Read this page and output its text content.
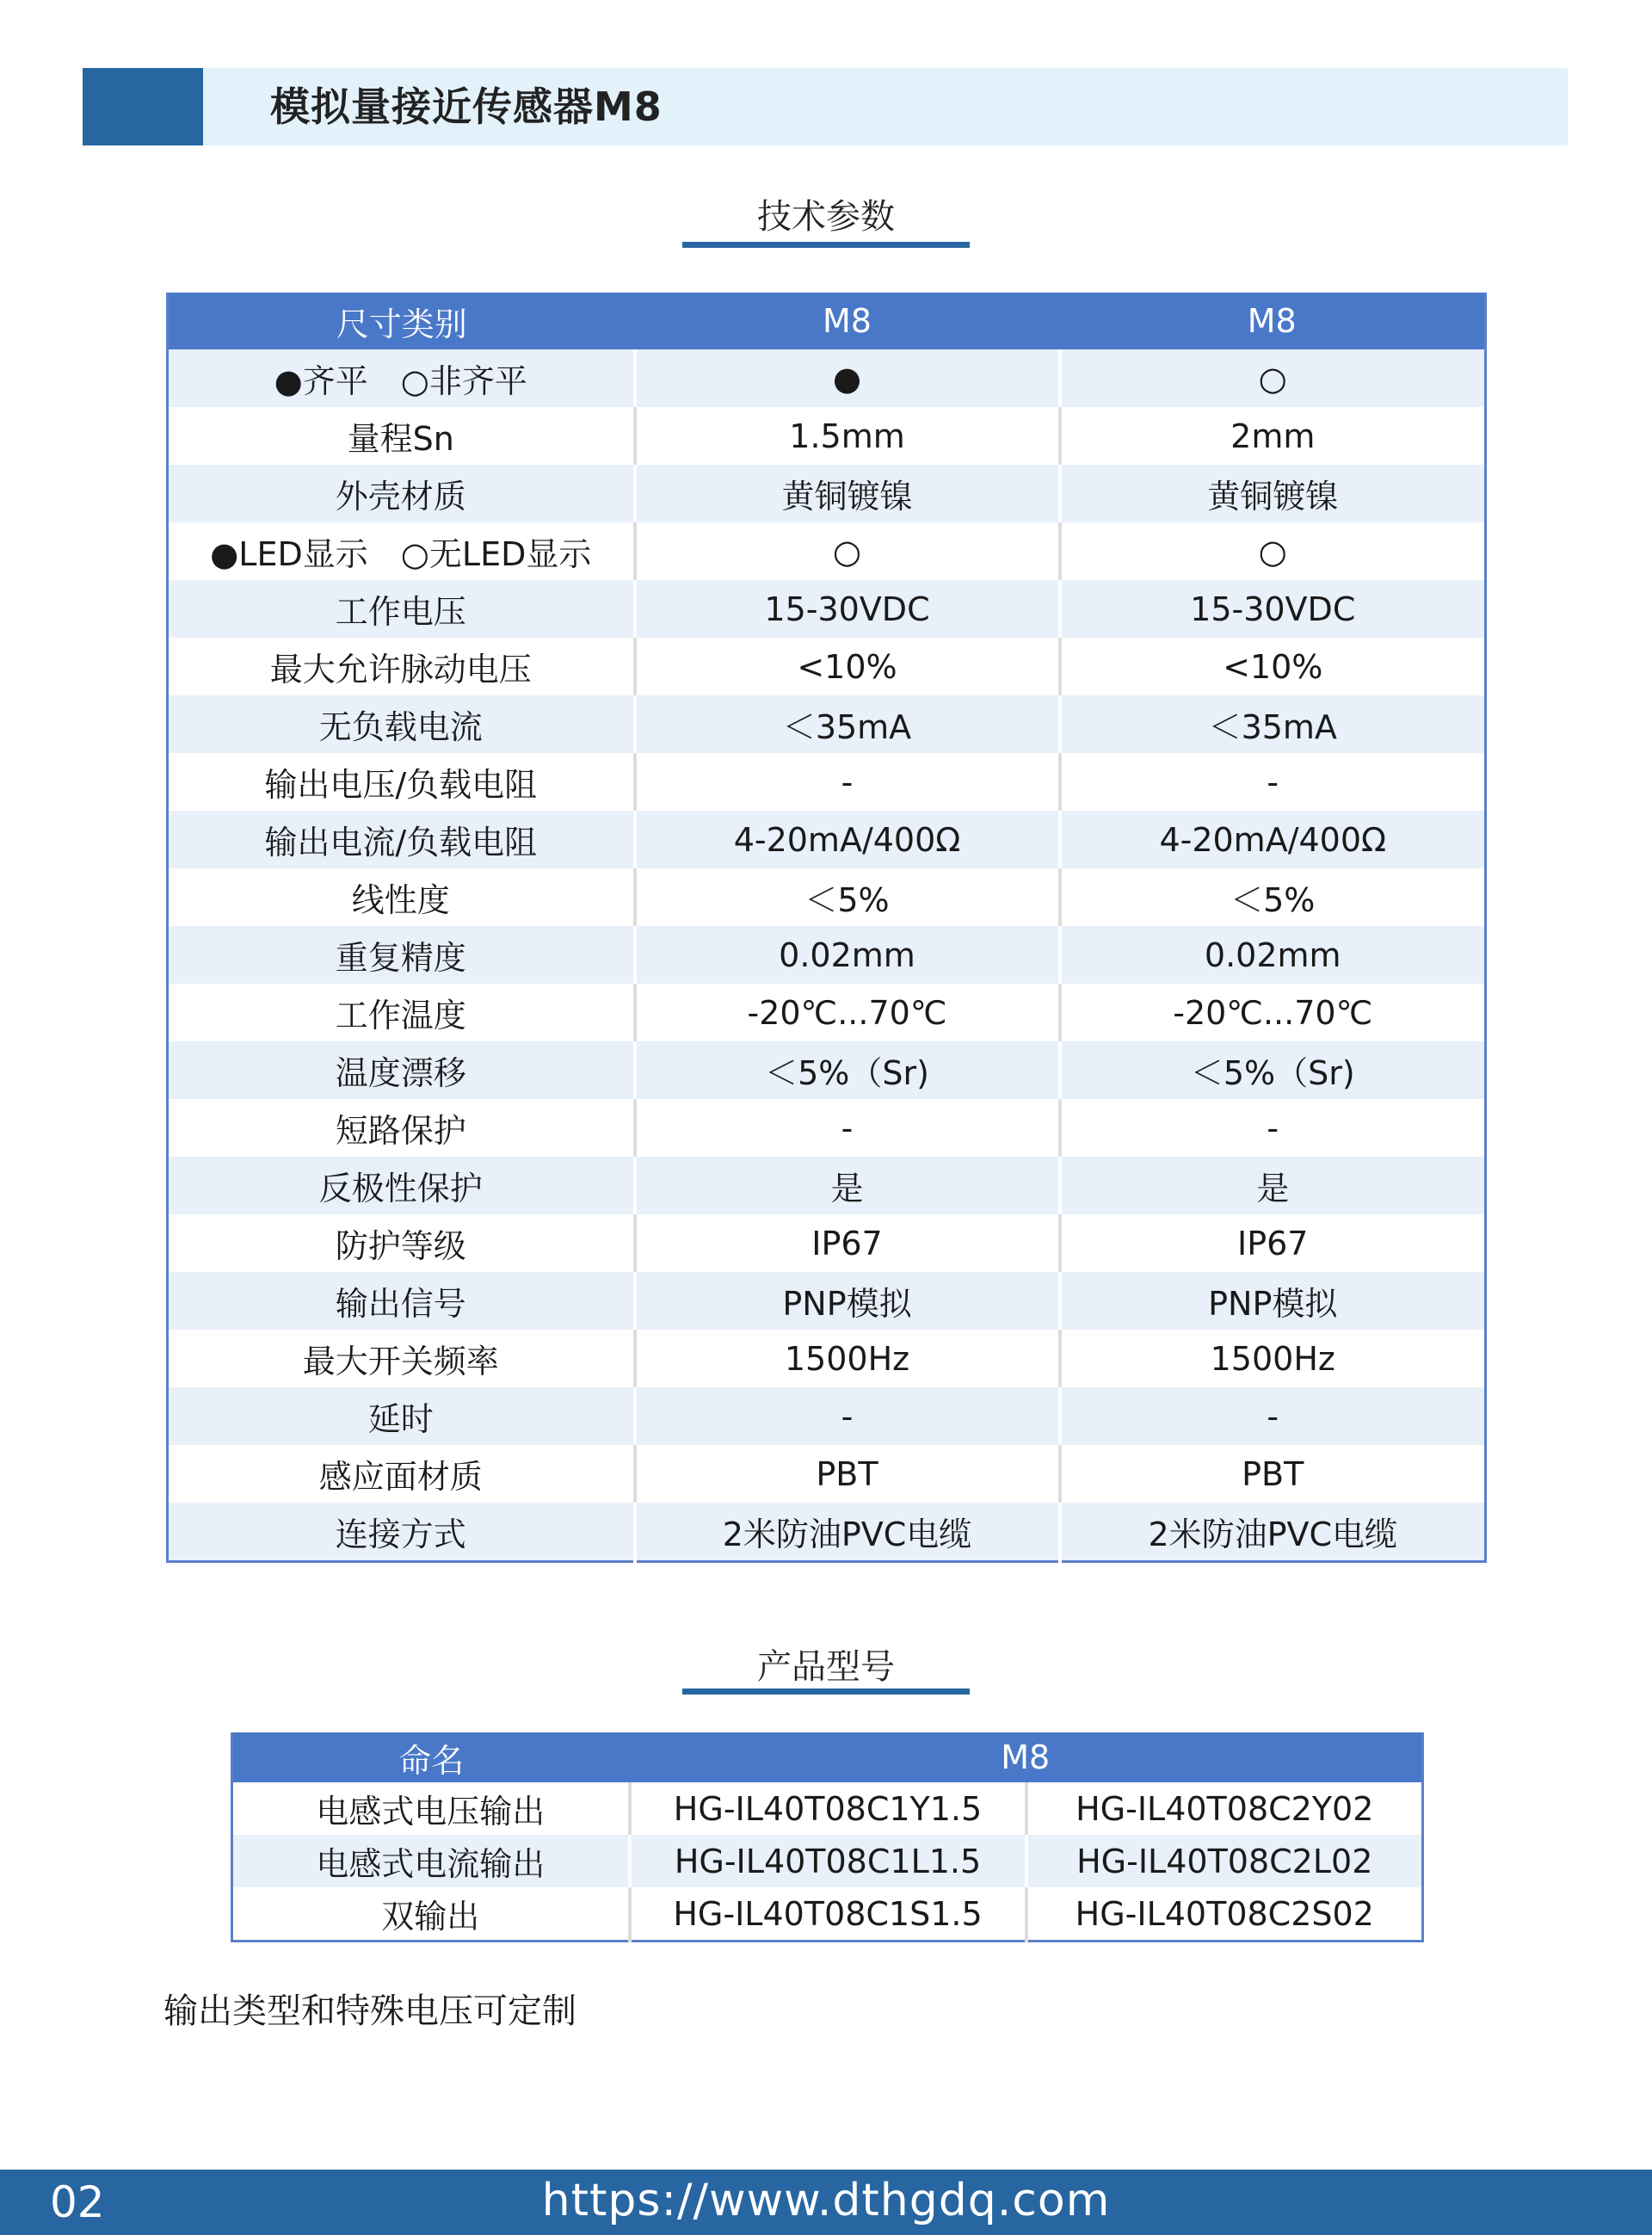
模拟量接近传感器M8
技术参数
尺寸类别	M8	M8
●齐平　○非齐平	●	○
量程Sn	1.5mm	2mm
外壳材质	黄铜镀镍	黄铜镀镍
●LED显示　○无LED显示	○	○
工作电压	15-30VDC	15-30VDC
最大允许脉动电压	<10%	<10%
无负载电流	＜35mA	＜35mA
输出电压/负载电阻	-	-
输出电流/负载电阻	4-20mA/400Ω	4-20mA/400Ω
线性度	＜5%	＜5%
重复精度	0.02mm	0.02mm
工作温度	-20℃...70℃	-20℃...70℃
温度漂移	＜5%（Sr)	＜5%（Sr)
短路保护	-	-
反极性保护	是	是
防护等级	IP67	IP67
输出信号	PNP模拟	PNP模拟
最大开关频率	1500Hz	1500Hz
延时	-	-
感应面材质	PBT	PBT
连接方式	2米防油PVC电缆	2米防油PVC电缆
产品型号
命名	M8	
电感式电压输出	HG-IL40T08C1Y1.5	HG-IL40T08C2Y02
电感式电流输出	HG-IL40T08C1L1.5	HG-IL40T08C2L02
双输出	HG-IL40T08C1S1.5	HG-IL40T08C2S02
输出类型和特殊电压可定制
02	https://www.dthgdq.com
